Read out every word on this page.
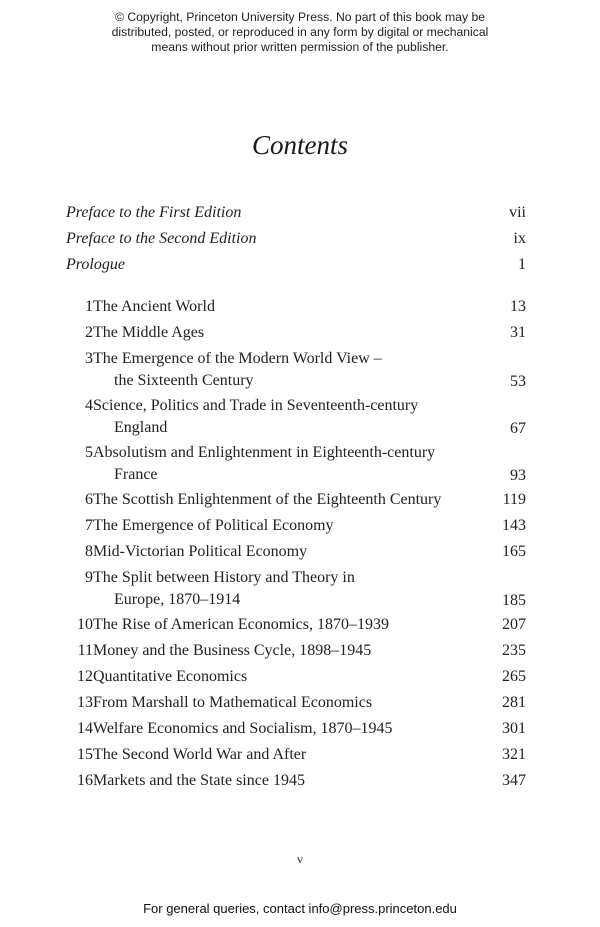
© Copyright, Princeton University Press. No part of this book may be
distributed, posted, or reproduced in any form by digital or mechanical
means without prior written permission of the publisher.
Contents
Preface to the First Edition	vii
Preface to the Second Edition	ix
Prologue	1
1 The Ancient World	13
2 The Middle Ages	31
3 The Emergence of the Modern World View –
the Sixteenth Century	53
4 Science, Politics and Trade in Seventeenth-century
England	67
5 Absolutism and Enlightenment in Eighteenth-century
France	93
6 The Scottish Enlightenment of the Eighteenth Century	119
7 The Emergence of Political Economy	143
8 Mid-Victorian Political Economy	165
9 The Split between History and Theory in
Europe, 1870–1914	185
10 The Rise of American Economics, 1870–1939	207
11 Money and the Business Cycle, 1898–1945	235
12 Quantitative Economics	265
13 From Marshall to Mathematical Economics	281
14 Welfare Economics and Socialism, 1870–1945	301
15 The Second World War and After	321
16 Markets and the State since 1945	347
v
For general queries, contact info@press.princeton.edu
